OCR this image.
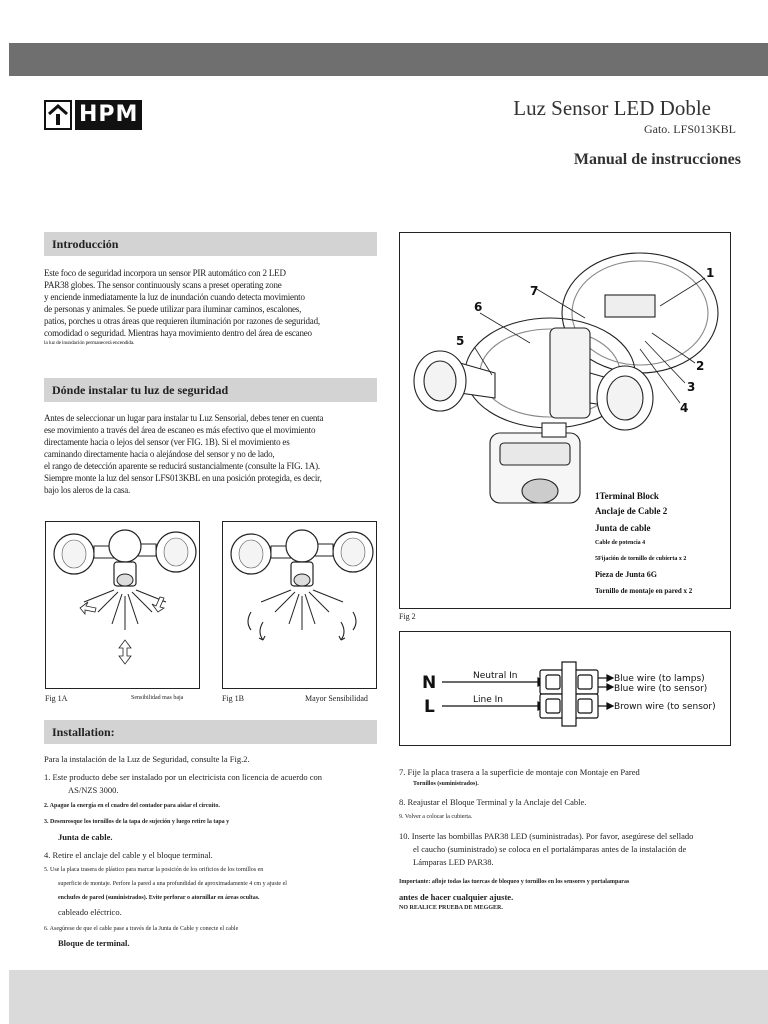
HPM	Luz Sensor LED Doble
Gato. LFS013KBL
Manual de instrucciones
Introducción
Este foco de seguridad incorpora un sensor PIR automático con 2 LED
PAR38 globes. The sensor continuously scans a preset operating zone
y enciende inmediatamente la luz de inundación cuando detecta movimiento
de personas y animales. Se puede utilizar para iluminar caminos, escalones,
patios, porches u otras áreas que requieren iluminación por razones de seguridad,
comodidad o seguridad. Mientras haya movimiento dentro del área de escaneo
la luz de inundación permanecerá encendida.
Dónde instalar tu luz de seguridad
Antes de seleccionar un lugar para instalar tu Luz Sensorial, debes tener en cuenta
ese movimiento a través del área de escaneo es más efectivo que el movimiento
directamente hacia o lejos del sensor (ver FIG. 1B). Si el movimiento es
caminando directamente hacia o alejándose del sensor y no de lado,
el rango de detección aparente se reducirá sustancialmente (consulte la FIG. 1A).
Siempre monte la luz del sensor LFS013KBL en una posición protegida, es decir,
bajo los aleros de la casa.
Fig 1A	Sensibilidad mas baja	Fig 1B	Mayor Sensibilidad
1
2
3
4
5
6
7
1Terminal Block
Anclaje de Cable 2
Junta de cable
Cable de potencia 4
5Fijación de tornillo de cubierta x 2
Pieza de Junta 6G
Tornillo de montaje en pared x 2
Fig 2
N
L
Neutral In
Line In
Blue wire (to lamps)
Blue wire (to sensor)
Brown wire (to sensor)
Installation:
Para la instalación de la Luz de Seguridad, consulte la Fig.2.
1. Este producto debe ser instalado por un electricista con licencia de acuerdo con
AS/NZS 3000.
2. Apague la energía en el cuadro del contador para aislar el circuito.
3. Desenrosque los tornillos de la tapa de sujeción y luego retire la tapa y
Junta de cable.
4. Retire el anclaje del cable y el bloque terminal.
5. Use la placa trasera de plástico para marcar la posición de los orificios de los tornillos en
superficie de montaje. Perfore la pared a una profundidad de aproximadamente 4 cm y ajuste el
enchufes de pared (suministrados). Evite perforar o atornillar en áreas ocultas.
cableado eléctrico.
6. Asegúrese de que el cable pase a través de la Junta de Cable y conecte el cable
Bloque de terminal.
7. Fije la placa trasera a la superficie de montaje con Montaje en Pared
Tornillos (suministrados).
8. Reajustar el Bloque Terminal y la Anclaje del Cable.
9. Volver a colocar la cubierta.
10. Inserte las bombillas PAR38 LED (suministradas). Por favor, asegúrese del sellado
el caucho (suministrado) se coloca en el portalámparas antes de la instalación de
Lámparas LED PAR38.
Importante: afloje todas las tuercas de bloqueo y tornillos en los sensores y portalamparas
antes de hacer cualquier ajuste.
NO REALICE PRUEBA DE MEGGER.
